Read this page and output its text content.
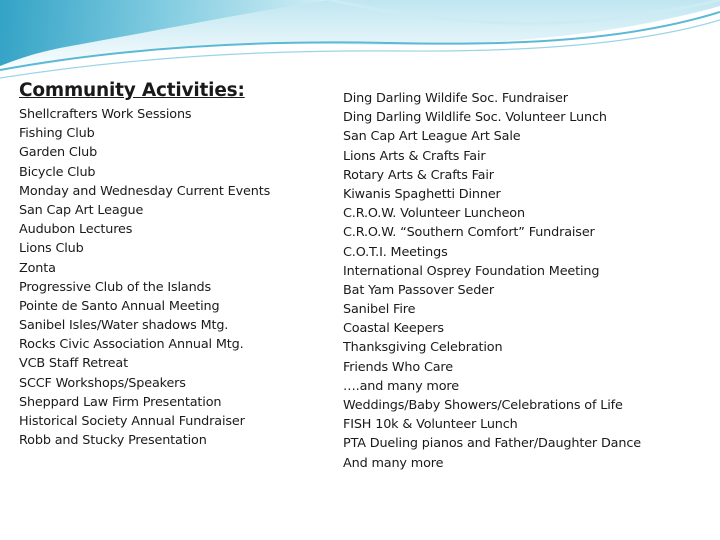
Community Activities:
Shellcrafters Work Sessions
Fishing Club
Garden Club
Bicycle Club
Monday and Wednesday Current Events
San Cap Art League
Audubon Lectures
Lions Club
Zonta
Progressive Club of the Islands
Pointe de Santo Annual Meeting
Sanibel Isles/Water shadows Mtg.
Rocks Civic Association Annual Mtg.
VCB Staff Retreat
SCCF Workshops/Speakers
Sheppard Law Firm Presentation
Historical Society Annual Fundraiser
Robb and Stucky Presentation
Ding Darling Wildife Soc. Fundraiser
Ding Darling Wildlife Soc. Volunteer Lunch
San Cap Art League Art Sale
Lions Arts & Crafts Fair
Rotary Arts & Crafts Fair
Kiwanis Spaghetti Dinner
C.R.O.W. Volunteer Luncheon
C.R.O.W. “Southern Comfort” Fundraiser
C.O.T.I. Meetings
International Osprey Foundation Meeting
Bat Yam Passover Seder
Sanibel Fire
Coastal Keepers
Thanksgiving Celebration
Friends Who Care
….and many more
Weddings/Baby Showers/Celebrations of Life
FISH 10k & Volunteer Lunch
PTA Dueling pianos and Father/Daughter Dance
And many more
